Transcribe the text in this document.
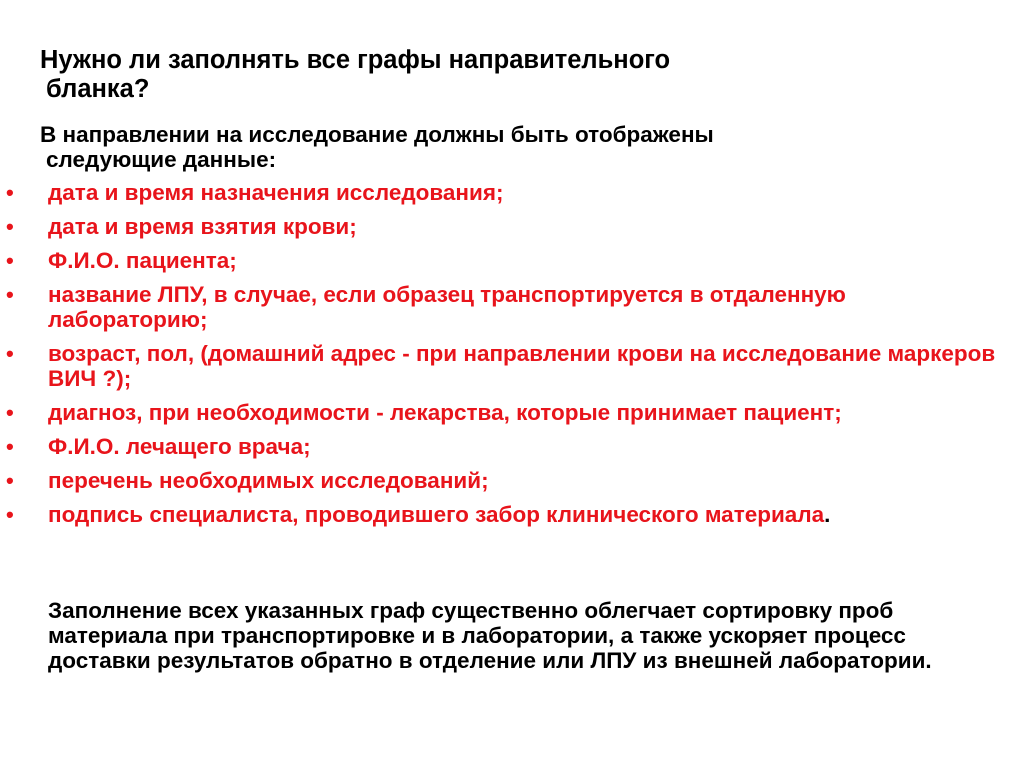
Нужно ли заполнять все графы направительного
бланка?
В направлении на исследование должны быть отображены
следующие данные:
• дата и время назначения исследования;
• дата и время взятия крови;
• Ф.И.О. пациента;
• название ЛПУ, в случае, если образец транспортируется в отдаленную лабораторию;
• возраст, пол, (домашний адрес - при направлении крови на исследование маркеров ВИЧ ?);
• диагноз, при необходимости - лекарства, которые принимает пациент;
• Ф.И.О. лечащего врача;
• перечень необходимых исследований;
• подпись специалиста, проводившего забор клинического материала.
Заполнение всех указанных граф существенно облегчает сортировку проб материала при транспортировке и в лаборатории, а также ускоряет процесс доставки результатов обратно в отделение или ЛПУ из внешней лаборатории.
